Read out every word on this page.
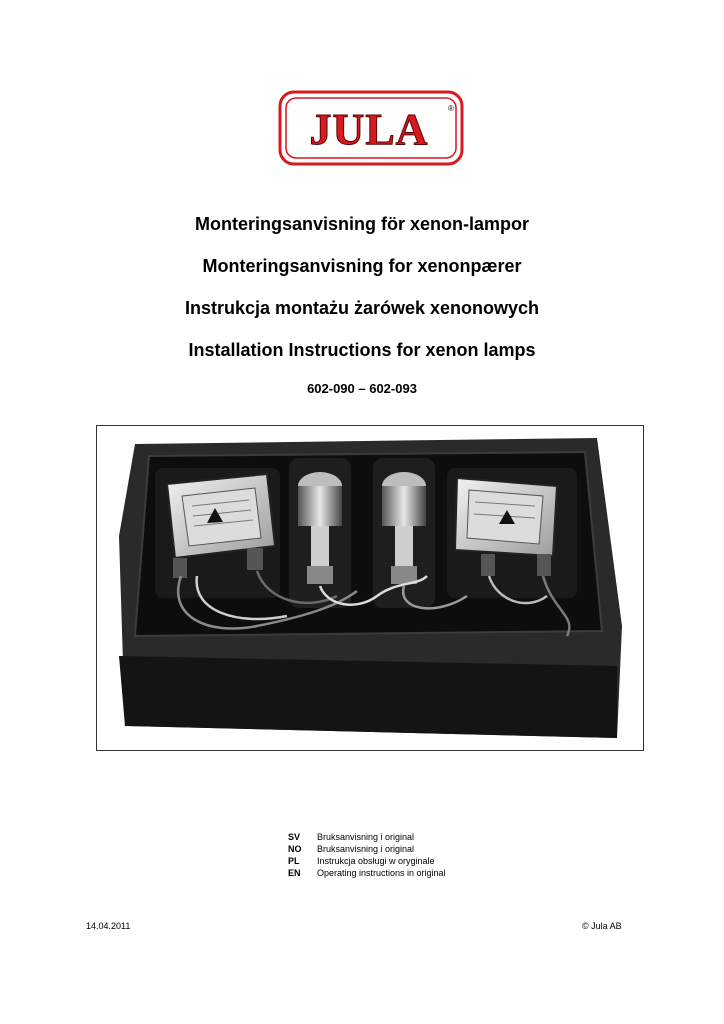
JULA ®

Monteringsanvisning för xenon-lampor

Monteringsanvisning for xenonpærer

Instrukcja montażu żarówek xenonowych

Installation Instructions for xenon lamps

602-090 – 602-093
SV	Bruksanvisning i original
NO	Bruksanvisning i original
PL	Instrukcja obsługi w oryginale
EN	Operating instructions in original
14.04.2011	© Jula AB
